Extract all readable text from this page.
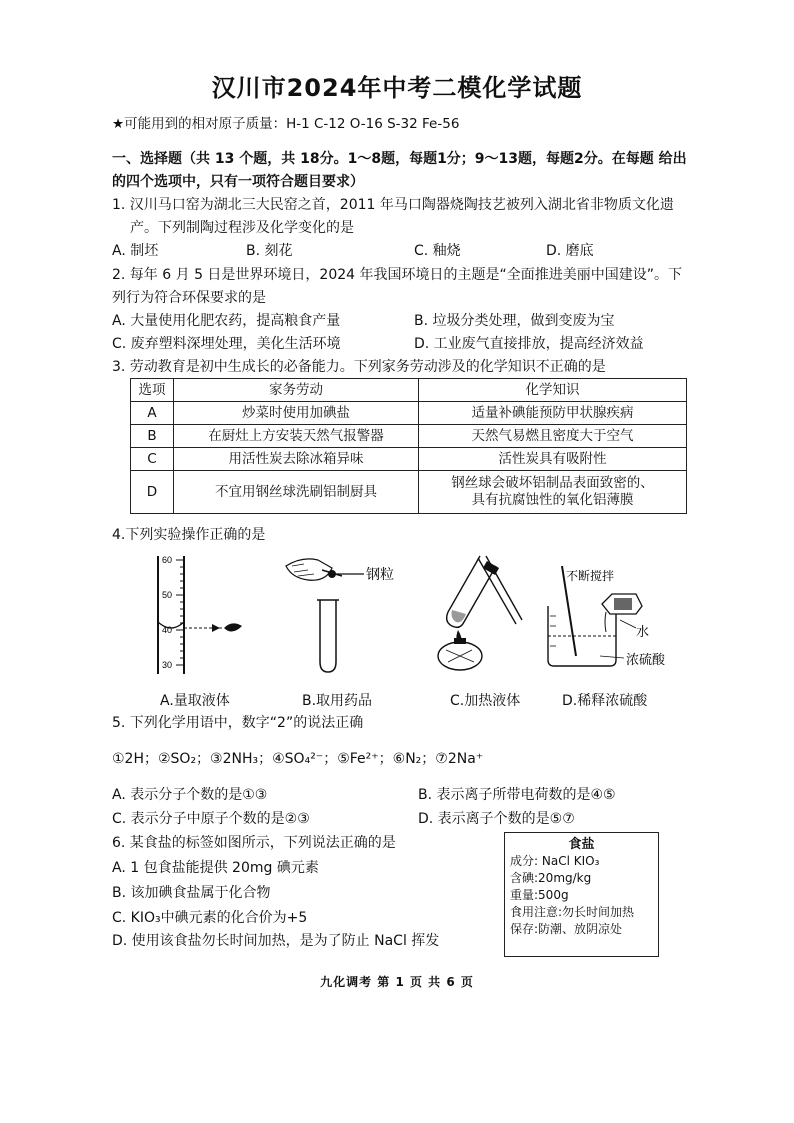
汉川市2024年中考二模化学试题
★可能用到的相对原子质量：H-1 C-12 O-16 S-32 Fe-56
一、选择题（共 13 个题，共 18分。1～8题，每题1分；9～13题，每题2分。在每题 给出
的四个选项中，只有一项符合题目要求）
1. 汉川马口窑为湖北三大民窑之首，2011 年马口陶器烧陶技艺被列入湖北省非物质文化遗
产。下列制陶过程涉及化学变化的是
A. 制坯	B. 刻花	C. 釉烧	D. 磨底
2. 每年 6 月 5 日是世界环境日，2024 年我国环境日的主题是“全面推进美丽中国建设”。下
列行为符合环保要求的是
A. 大量使用化肥农药，提高粮食产量	B. 垃圾分类处理，做到变废为宝
C. 废弃塑料深埋处理，美化生活环境	D. 工业废气直接排放，提高经济效益
3. 劳动教育是初中生成长的必备能力。下列家务劳动涉及的化学知识不正确的是
选项	家务劳动	化学知识
A	炒菜时使用加碘盐	适量补碘能预防甲状腺疾病
B	在厨灶上方安装天然气报警器	天然气易燃且密度大于空气
C	用活性炭去除冰箱异味	活性炭具有吸附性
D	不宜用钢丝球洗刷铝制厨具	钢丝球会破坏铝制品表面致密的、
具有抗腐蚀性的氧化铝薄膜
4.下列实验操作正确的是
60
50
40
30
钢粒	不断搅拌
水
浓硫酸
A.量取液体	B.取用药品	C.加热液体	D.稀释浓硫酸
5. 下列化学用语中，数字“2”的说法正确
①2H；②SO₂；③2NH₃；④SO₄²⁻；⑤Fe²⁺；⑥N₂；⑦2Na⁺
A. 表示分子个数的是①③	B. 表示离子所带电荷数的是④⑤
C. 表示分子中原子个数的是②③	D. 表示离子个数的是⑤⑦
6. 某食盐的标签如图所示，下列说法正确的是
A. 1 包食盐能提供 20mg 碘元素
B. 该加碘食盐属于化合物
C. KIO₃中碘元素的化合价为+5
D. 使用该食盐勿长时间加热，是为了防止 NaCl 挥发
食盐
成分: NaCl KIO₃
含碘:20mg/kg
重量:500g
食用注意:勿长时间加热
保存:防潮、放阴凉处
九化调考 第 1 页 共 6 页
